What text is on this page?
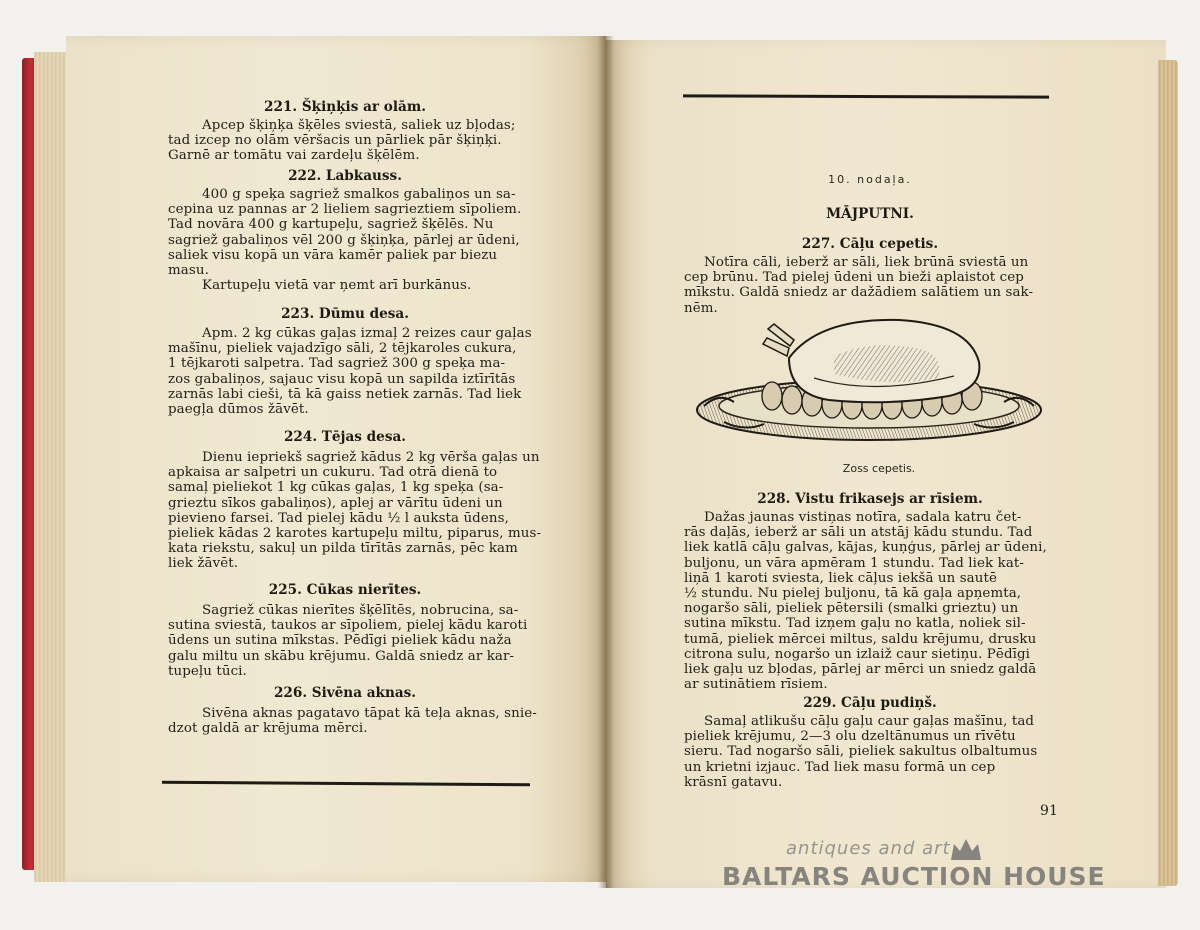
221. Šķiņķis ar olām.
Apcep šķiņķa šķēles sviestā, saliek uz bļodas;
tad izcep no olām vēršacis un pārliek pār šķiņķi.
Garnē ar tomātu vai zardeļu šķēlēm.
222. Labkauss.
400 g speķa sagriež smalkos gabaliņos un sa-
cepina uz pannas ar 2 lieliem sagrieztiem sīpoliem.
Tad novāra 400 g kartupeļu, sagriež šķēlēs. Nu
sagriež gabaliņos vēl 200 g šķiņķa, pārlej ar ūdeni,
saliek visu kopā un vāra kamēr paliek par biezu
masu.
Kartupeļu vietā var ņemt arī burkānus.
223. Dūmu desa.
Apm. 2 kg cūkas gaļas izmaļ 2 reizes caur gaļas
mašīnu, pieliek vajadzīgo sāli, 2 tējkaroles cukura,
1 tējkaroti salpetra. Tad sagriež 300 g speķa ma-
zos gabaliņos, sajauc visu kopā un sapilda iztīrītās
zarnās labi cieši, tā kā gaiss netiek zarnās. Tad liek
paegļa dūmos žāvēt.
224. Tējas desa.
Dienu iepriekš sagriež kādus 2 kg vērša gaļas un
apkaisa ar salpetri un cukuru. Tad otrā dienā to
samaļ pieliekot 1 kg cūkas gaļas, 1 kg speķa (sa-
grieztu sīkos gabaliņos), aplej ar vārītu ūdeni un
pievieno farsei. Tad pielej kādu ½ l auksta ūdens,
pieliek kādas 2 karotes kartupeļu miltu, piparus, mus-
kata riekstu, sakuļ un pilda tīrītās zarnās, pēc kam
liek žāvēt.
225. Cūkas nierītes.
Sagriež cūkas nierītes šķēlītēs, nobrucina, sa-
sutina sviestā, taukos ar sīpoliem, pielej kādu karoti
ūdens un sutina mīkstas. Pēdīgi pieliek kādu naža
galu miltu un skābu krējumu. Galdā sniedz ar kar-
tupeļu tūci.
226. Sivēna aknas.
Sivēna aknas pagatavo tāpat kā teļa aknas, snie-
dzot galdā ar krējuma mērci.
10. nodaļa.
MĀJPUTNI.
227. Cāļu cepetis.
Notīra cāli, ieberž ar sāli, liek brūnā sviestā un
cep brūnu. Tad pielej ūdeni un bieži aplaistot cep
mīkstu. Galdā sniedz ar dažādiem salātiem un sak-
nēm.
Zoss cepetis.
228. Vistu frikasejs ar rīsiem.
Dažas jaunas vistiņas notīra, sadala katru čet-
rās daļās, ieberž ar sāli un atstāj kādu stundu. Tad
liek katlā cāļu galvas, kājas, kuņģus, pārlej ar ūdeni,
buljonu, un vāra apmēram 1 stundu. Tad liek kat-
liņā 1 karoti sviesta, liek cāļus iekšā un sautē
½ stundu. Nu pielej buljonu, tā kā gaļa apņemta,
nogaršo sāli, pieliek pētersili (smalki grieztu) un
sutina mīkstu. Tad izņem gaļu no katla, noliek sil-
tumā, pieliek mērcei miltus, saldu krējumu, drusku
citrona sulu, nogaršo un izlaiž caur sietiņu. Pēdīgi
liek gaļu uz bļodas, pārlej ar mērci un sniedz galdā
ar sutinātiem rīsiem.
229. Cāļu pudiņš.
Samaļ atlikušu cāļu gaļu caur gaļas mašīnu, tad
pieliek krējumu, 2—3 olu dzeltānumus un rīvētu
sieru. Tad nogaršo sāli, pieliek sakultus olbaltumus
un krietni izjauc. Tad liek masu formā un cep
krāsnī gatavu.
91
antiques and art
BALTARS AUCTION HOUSE
